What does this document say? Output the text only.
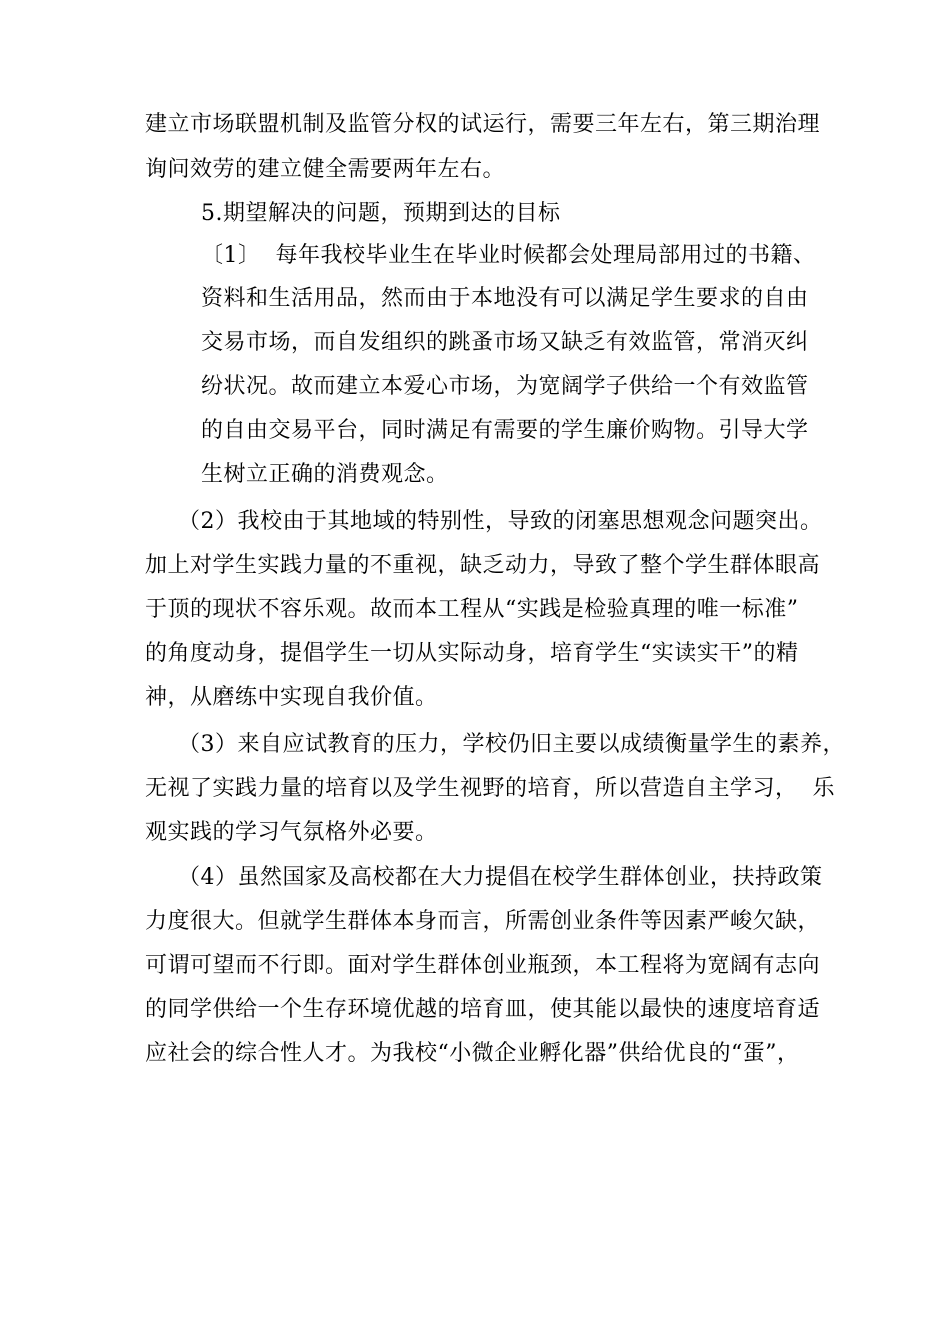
建立市场联盟机制及监管分权的试运行，需要三年左右，第三期治理
询问效劳的建立健全需要两年左右。
5.期望解决的问题，预期到达的目标
〔1〕  每年我校毕业生在毕业时候都会处理局部用过的书籍、
资料和生活用品，然而由于本地没有可以满足学生要求的自由
交易市场，而自发组织的跳蚤市场又缺乏有效监管，常消灭纠
纷状况。故而建立本爱心市场，为宽阔学子供给一个有效监管
的自由交易平台，同时满足有需要的学生廉价购物。引导大学
生树立正确的消费观念。
（2）我校由于其地域的特别性，导致的闭塞思想观念问题突出。
加上对学生实践力量的不重视，缺乏动力，导致了整个学生群体眼高
于顶的现状不容乐观。故而本工程从“实践是检验真理的唯一标准”
的角度动身，提倡学生一切从实际动身，培育学生“实读实干”的精
神，从磨练中实现自我价值。
（3）来自应试教育的压力，学校仍旧主要以成绩衡量学生的素养，
无视了实践力量的培育以及学生视野的培育，所以营造自主学习，  乐
观实践的学习气氛格外必要。
（4）虽然国家及高校都在大力提倡在校学生群体创业，扶持政策
力度很大。但就学生群体本身而言，所需创业条件等因素严峻欠缺，
可谓可望而不行即。面对学生群体创业瓶颈，本工程将为宽阔有志向
的同学供给一个生存环境优越的培育皿，使其能以最快的速度培育适
应社会的综合性人才。为我校“小微企业孵化器”供给优良的“蛋”，
